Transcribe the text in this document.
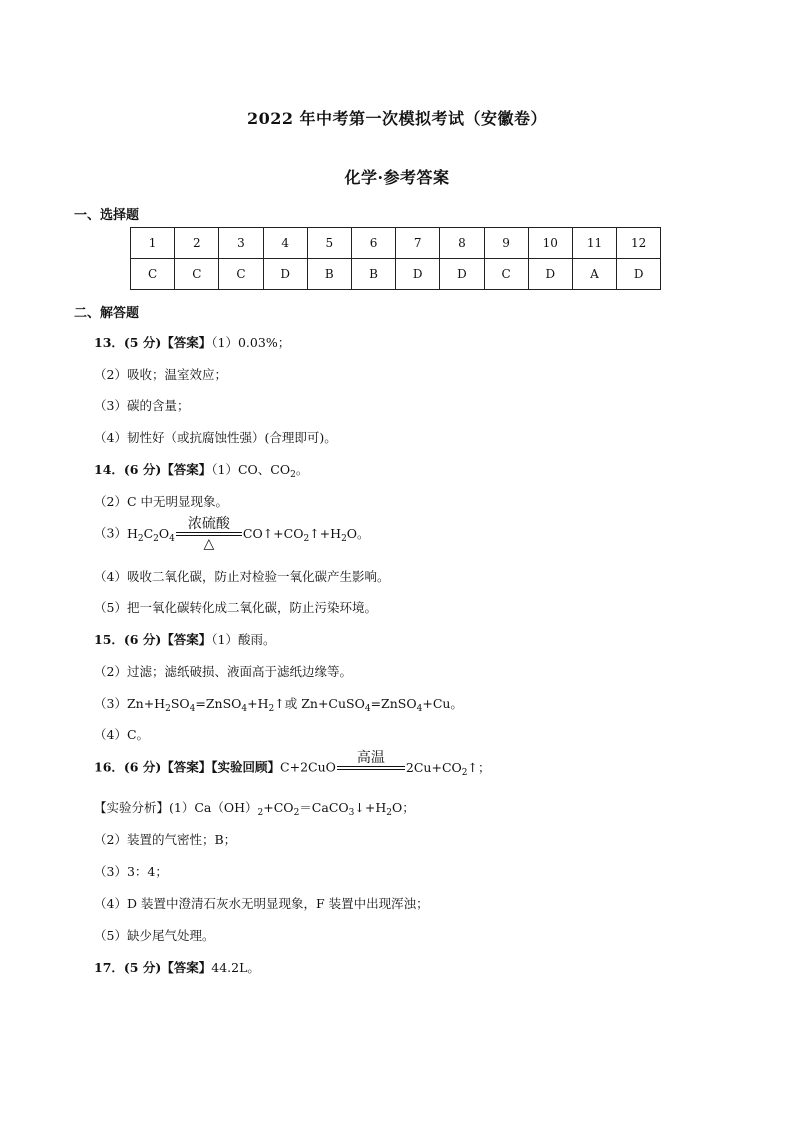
2022 年中考第一次模拟考试（安徽卷）
化学·参考答案
一、选择题
1	2	3	4	5	6	7	8	9	10	11	12
C	C	C	D	B	B	D	D	C	D	A	D
二、解答题
13．(5 分)【答案】（1）0.03%；
（2）吸收；温室效应；
（3）碳的含量；
（4）韧性好（或抗腐蚀性强）(合理即可)。
14．(6 分)【答案】（1）CO、$CO_2$。
（2）C 中无明显现象。
$(3)H_2C_2O_4$
浓硫酸
△
$CO↑+CO_2↑+H_2O$。
（4）吸收二氧化碳，防止对检验一氧化碳产生影响。
（5）把一氧化碳转化成二氧化碳，防止污染环境。
15．(6 分)【答案】（1）酸雨。
（2）过滤；滤纸破损、液面高于滤纸边缘等。
$(3)Zn+H_2SO_4=ZnSO_4+H_2↑$或 Zn+CuSO$_4$=ZnSO$_4$+Cu。
（4）C。
16．(6 分)【答案】【实验回顾】C+2CuO
高温
$2Cu+CO_2↑$；
【实验分析】$(1)Ca(OH)_2+CO_2=CaCO_3↓+H_2O$；
（2）装置的气密性；B；
（3）3：4；
（4）D 装置中澄清石灰水无明显现象，F 装置中出现浑浊；
（5）缺少尾气处理。
17．(5 分)【答案】44.2L。
